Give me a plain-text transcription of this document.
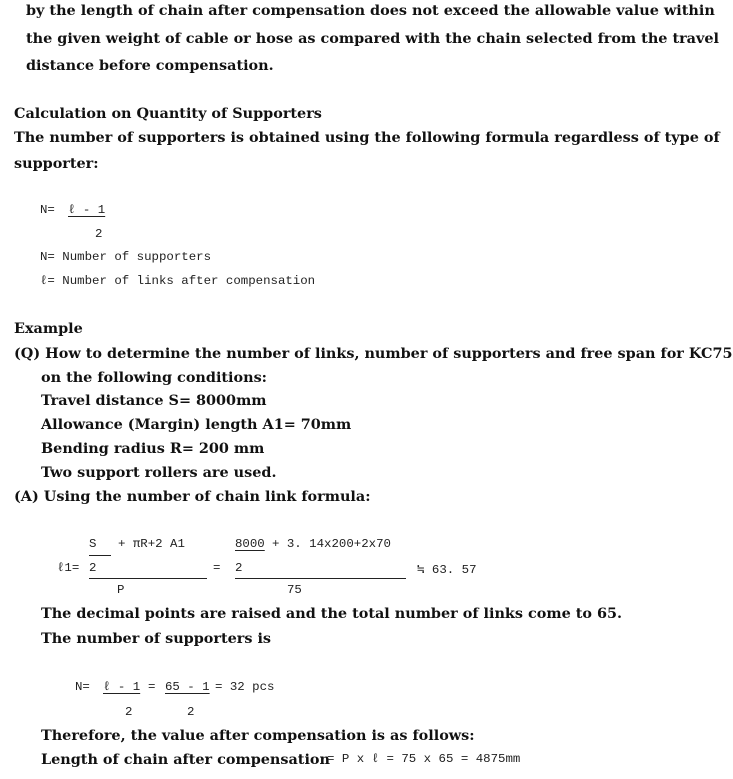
by the length of chain after compensation does not exceed the allowable value within
the given weight of cable or hose as compared with the chain selected from the travel
distance before compensation.
Calculation on Quantity of Supporters
The number of supporters is obtained using the following formula regardless of type of
supporter:
N= ℓ - 1
2
N= Number of supporters
ℓ= Number of links after compensation
Example
(Q) How to determine the number of links, number of supporters and free span for KC75
on the following conditions:
Travel distance S= 8000mm
Allowance (Margin) length A1= 70mm
Bending radius R= 200 mm
Two support rollers are used.
(A) Using the number of chain link formula:
S + πR+2 A1	8000 + 3. 14x200+2x70
ℓ1= 2	= 2	≒ 63. 57
P	75
The decimal points are raised and the total number of links come to 65.
The number of supporters is
N= ℓ - 1 = 65 - 1 = 32 pcs
2	2
Therefore, the value after compensation is as follows:
Length of chain after compensation
= P x ℓ = 75 x 65 = 4875mm
